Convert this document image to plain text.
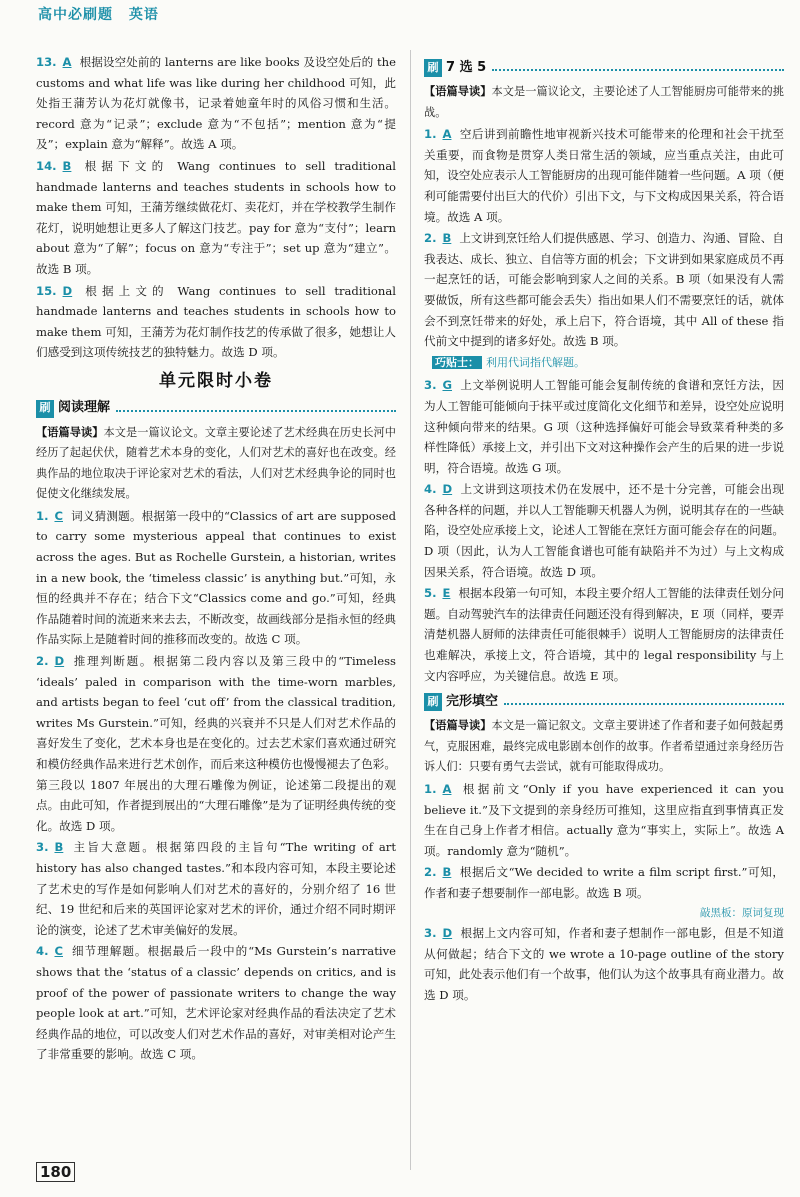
高中必刷题 英语

13. A 根据设空处前的 lanterns are like books 及设空处后的 the customs and what life was like during her childhood 可知，此处指王蒲芳认为花灯就像书，记录着她童年时的风俗习惯和生活。record 意为“记录”；exclude 意为“不包括”；mention 意为“提及”；explain 意为“解释”。故选 A 项。

14. B 根据下文的 Wang continues to sell traditional handmade lanterns and teaches students in schools how to make them 可知，王蒲芳继续做花灯、卖花灯，并在学校教学生制作花灯，说明她想让更多人了解这门技艺。pay for 意为“支付”；learn about 意为“了解”；focus on 意为“专注于”；set up 意为“建立”。故选 B 项。

15. D 根据上文的 Wang continues to sell traditional handmade lanterns and teaches students in schools how to make them 可知，王蒲芳为花灯制作技艺的传承做了很多，她想让人们感受到这项传统技艺的独特魅力。故选 D 项。

单元限时小卷
刷 阅读理解

【语篇导读】本文是一篇议论文。文章主要论述了艺术经典在历史长河中经历了起起伏伏，随着艺术本身的变化，人们对艺术的喜好也在改变。经典作品的地位取决于评论家对艺术的看法，人们对艺术经典争论的同时也促使文化继续发展。

1. C 词义猜测题。根据第一段中的“Classics of art are supposed to carry some mysterious appeal that continues to exist across the ages. But as Rochelle Gurstein, a historian, writes in a new book, the ‘timeless classic’ is anything but.”可知，永恒的经典并不存在；结合下文“Classics come and go.”可知，经典作品随着时间的流逝来来去去，不断改变，故画线部分是指永恒的经典作品实际上是随着时间的推移而改变的。故选 C 项。

2. D 推理判断题。根据第二段内容以及第三段中的“Timeless ‘ideals’ paled in comparison with the time-worn marbles, and artists began to feel ‘cut off’ from the classical tradition, writes Ms Gurstein.”可知，经典的兴衰并不只是人们对艺术作品的喜好发生了变化，艺术本身也是在变化的。过去艺术家们喜欢通过研究和模仿经典作品来进行艺术创作，而后来这种模仿也慢慢褪去了色彩。第三段以 1807 年展出的大理石雕像为例证，论述第二段提出的观点。由此可知，作者提到展出的“大理石雕像”是为了证明经典传统的变化。故选 D 项。

3. B 主旨大意题。根据第四段的主旨句“The writing of art history has also changed tastes.”和本段内容可知，本段主要论述了艺术史的写作是如何影响人们对艺术的喜好的，分别介绍了 16 世纪、19 世纪和后来的英国评论家对艺术的评价，通过介绍不同时期评论的演变，论述了艺术审美偏好的发展。

4. C 细节理解题。根据最后一段中的“Ms Gurstein’s narrative shows that the ‘status of a classic’ depends on critics, and is proof of the power of passionate writers to change the way people look at art.”可知，艺术评论家对经典作品的看法决定了艺术经典作品的地位，可以改变人们对艺术作品的喜好，对审美相对论产生了非常重要的影响。故选 C 项。

刷 7 选 5

【语篇导读】本文是一篇议论文，主要论述了人工智能厨房可能带来的挑战。

1. A 空后讲到前瞻性地审视新兴技术可能带来的伦理和社会干扰至关重要，而食物是贯穿人类日常生活的领域，应当重点关注，由此可知，设空处应表示人工智能厨房的出现可能伴随着一些问题。A 项（便利可能需要付出巨大的代价）引出下文，与下文构成因果关系，符合语境。故选 A 项。

2. B 上文讲到烹饪给人们提供感恩、学习、创造力、沟通、冒险、自我表达、成长、独立、自信等方面的机会；下文讲到如果家庭成员不再一起烹饪的话，可能会影响到家人之间的关系。B 项（如果没有人需要做饭，所有这些都可能会丢失）指出如果人们不需要烹饪的话，就体会不到烹饪带来的好处，承上启下，符合语境，其中 All of these 指代前文中提到的诸多好处。故选 B 项。

巧贴士： 利用代词指代解题。

3. G 上文举例说明人工智能可能会复制传统的食谱和烹饪方法，因为人工智能可能倾向于抹平或过度简化文化细节和差异，设空处应说明这种倾向带来的结果。G 项（这种选择偏好可能会导致菜肴种类的多样性降低）承接上文，并引出下文对这种操作会产生的后果的进一步说明，符合语境。故选 G 项。

4. D 上文讲到这项技术仍在发展中，还不是十分完善，可能会出现各种各样的问题，并以人工智能聊天机器人为例，说明其存在的一些缺陷，设空处应承接上文，论述人工智能在烹饪方面可能会存在的问题。D 项（因此，认为人工智能食谱也可能有缺陷并不为过）与上文构成因果关系，符合语境。故选 D 项。

5. E 根据本段第一句可知，本段主要介绍人工智能的法律责任划分问题。自动驾驶汽车的法律责任问题还没有得到解决，E 项（同样，要弄清楚机器人厨师的法律责任可能很棘手）说明人工智能厨房的法律责任也难解决，承接上文，符合语境，其中的 legal responsibility 与上文内容呼应，为关键信息。故选 E 项。

刷 完形填空

【语篇导读】本文是一篇记叙文。文章主要讲述了作者和妻子如何鼓起勇气，克服困难，最终完成电影剧本创作的故事。作者希望通过亲身经历告诉人们：只要有勇气去尝试，就有可能取得成功。

1. A 根据前文“Only if you have experienced it can you believe it.”及下文提到的亲身经历可推知，这里应指直到事情真正发生在自己身上作者才相信。actually 意为“事实上，实际上”。故选 A 项。randomly 意为“随机”。

2. B 根据后文“We decided to write a film script first.”可知，作者和妻子想要制作一部电影。故选 B 项。

敲黑板：原词复现

3. D 根据上文内容可知，作者和妻子想制作一部电影，但是不知道从何做起；结合下文的 we wrote a 10-page outline of the story 可知，此处表示他们有一个故事，他们认为这个故事具有商业潜力。故选 D 项。

180
